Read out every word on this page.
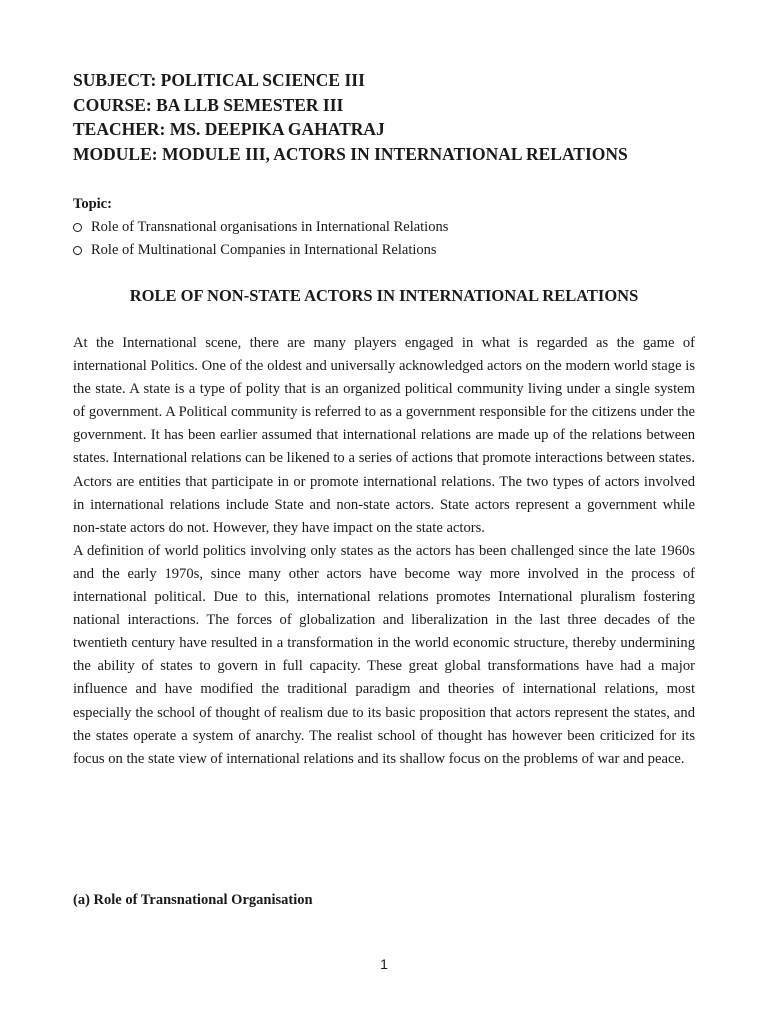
SUBJECT: POLITICAL SCIENCE III
COURSE: BA LLB SEMESTER III
TEACHER: MS. DEEPIKA GAHATRAJ
MODULE: MODULE III, ACTORS IN INTERNATIONAL RELATIONS
Topic:
Role of Transnational organisations in International Relations
Role of Multinational Companies in International Relations
ROLE OF NON-STATE ACTORS IN INTERNATIONAL RELATIONS

At the International scene, there are many players engaged in what is regarded as the game of international Politics. One of the oldest and universally acknowledged actors on the modern world stage is the state. A state is a type of polity that is an organized political community living under a single system of government. A Political community is referred to as a government responsible for the citizens under the government. It has been earlier assumed that international relations are made up of the relations between states. International relations can be likened to a series of actions that promote interactions between states. Actors are entities that participate in or promote international relations. The two types of actors involved in international relations include State and non-state actors. State actors represent a government while non-state actors do not. However, they have impact on the state actors.

A definition of world politics involving only states as the actors has been challenged since the late 1960s and the early 1970s, since many other actors have become way more involved in the process of international political. Due to this, international relations promotes International pluralism fostering national interactions. The forces of globalization and liberalization in the last three decades of the twentieth century have resulted in a transformation in the world economic structure, thereby undermining the ability of states to govern in full capacity. These great global transformations have had a major influence and have modified the traditional paradigm and theories of international relations, most especially the school of thought of realism due to its basic proposition that actors represent the states, and the states operate a system of anarchy. The realist school of thought has however been criticized for its focus on the state view of international relations and its shallow focus on the problems of war and peace.

(a) Role of Transnational Organisation
1
